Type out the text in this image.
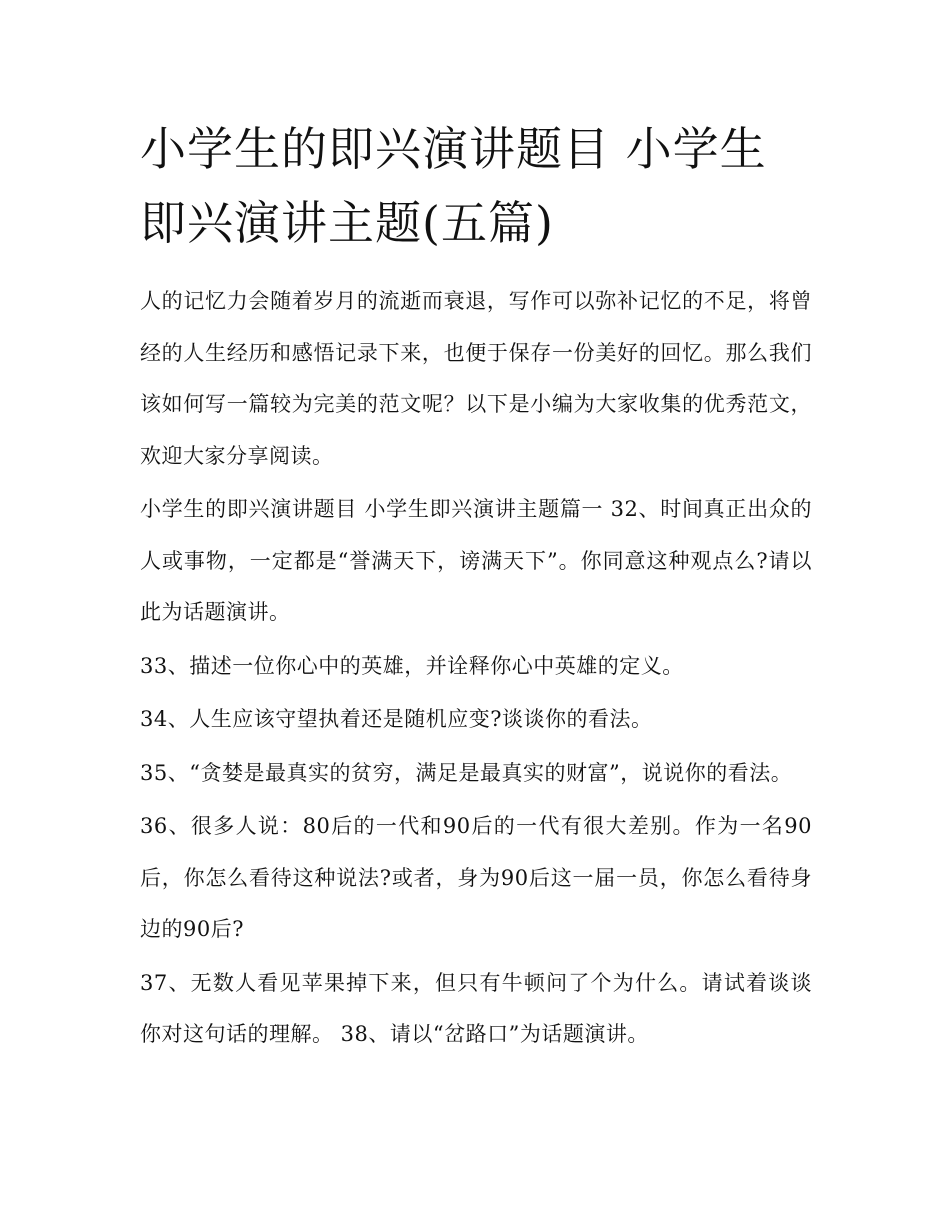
小学生的即兴演讲题目 小学生即兴演讲主题(五篇)

人的记忆力会随着岁月的流逝而衰退，写作可以弥补记忆的不足，将曾经的人生经历和感悟记录下来，也便于保存一份美好的回忆。那么我们该如何写一篇较为完美的范文呢？以下是小编为大家收集的优秀范文，欢迎大家分享阅读。

小学生的即兴演讲题目 小学生即兴演讲主题篇一 32、时间真正出众的人或事物，一定都是“誉满天下，谤满天下”。你同意这种观点么?请以此为话题演讲。

33、描述一位你心中的英雄，并诠释你心中英雄的定义。

34、人生应该守望执着还是随机应变?谈谈你的看法。

35、“贪婪是最真实的贫穷，满足是最真实的财富”，说说你的看法。

36、很多人说：80后的一代和90后的一代有很大差别。作为一名90后，你怎么看待这种说法?或者，身为90后这一届一员，你怎么看待身边的90后?

37、无数人看见苹果掉下来，但只有牛顿问了个为什么。请试着谈谈你对这句话的理解。 38、请以“岔路口”为话题演讲。
